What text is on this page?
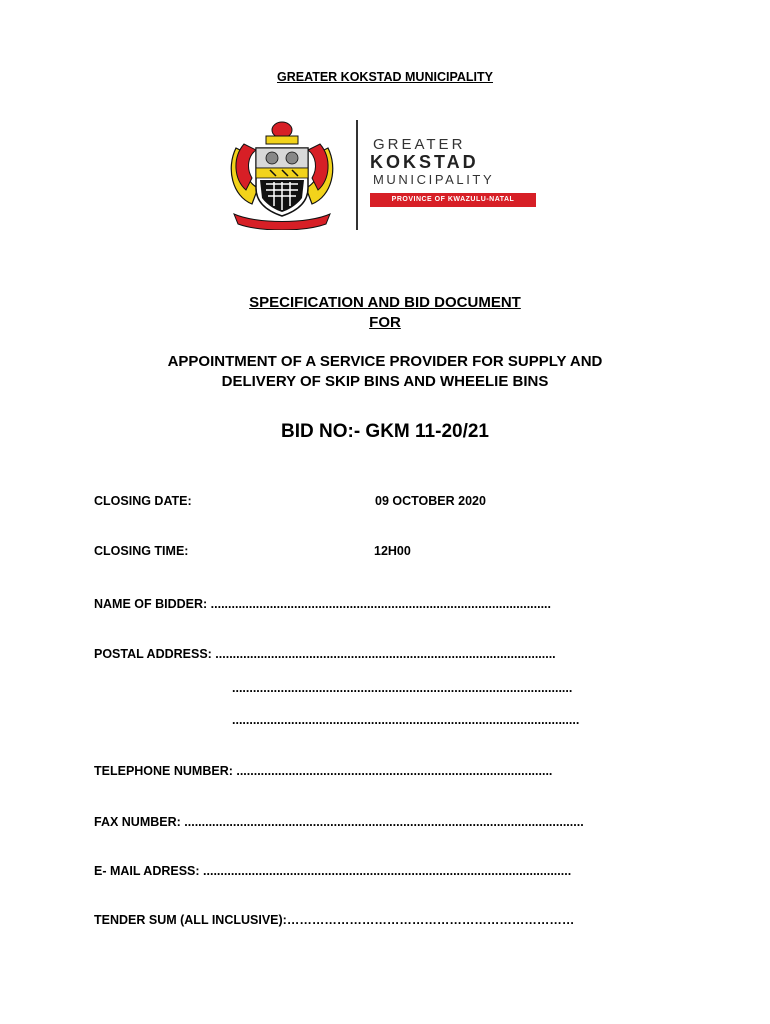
GREATER KOKSTAD MUNICIPALITY
GREATER
KOKSTAD
MUNICIPALITY
PROVINCE OF KWAZULU-NATAL
SPECIFICATION AND BID DOCUMENT
FOR
APPOINTMENT OF A SERVICE PROVIDER FOR SUPPLY AND
DELIVERY OF SKIP BINS AND WHEELIE BINS
BID NO:- GKM 11-20/21
CLOSING DATE:	09 OCTOBER 2020
CLOSING TIME:	12H00
NAME OF BIDDER: ..................................................................................................
POSTAL ADDRESS: ..................................................................................................
..................................................................................................
....................................................................................................
TELEPHONE NUMBER: ...........................................................................................
FAX NUMBER: ...................................................................................................................
E- MAIL ADRESS: ..........................................................................................................
TENDER SUM (ALL INCLUSIVE):……………………………………………………………
